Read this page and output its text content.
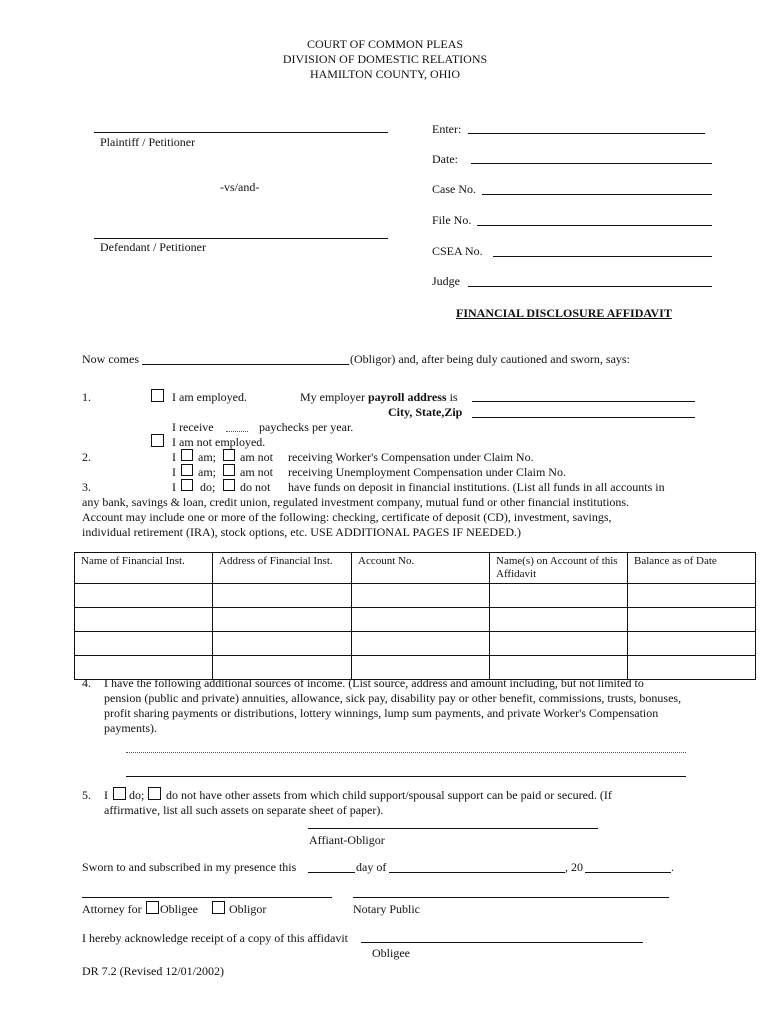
COURT OF COMMON PLEAS
DIVISION OF DOMESTIC RELATIONS
HAMILTON COUNTY, OHIO
Plaintiff / Petitioner
-vs/and-
Defendant / Petitioner
Enter:
Date:
Case No.
File No.
CSEA No.
Judge
FINANCIAL DISCLOSURE AFFIDAVIT
Now comes	(Obligor) and, after being duly cautioned and sworn, says:
1.	I am employed.	My employer payroll address is
City, State,Zip
I receive	paychecks per year.
I am not employed.
2.	I am; am not receiving Worker's Compensation under Claim No.
I am; am not receiving Unemployment Compensation under Claim No.
3.	I do; do not have funds on deposit in financial institutions. (List all funds in all accounts in
any bank, savings & loan, credit union, regulated investment company, mutual fund or other financial institutions.
Account may include one or more of the following: checking, certificate of deposit (CD), investment, savings,
individual retirement (IRA), stock options, etc. USE ADDITIONAL PAGES IF NEEDED.)
Name of Financial Inst.	Address of Financial Inst.	Account No.	Name(s) on Account of this Affidavit	Balance as of Date

4. I have the following additional sources of income. (List source, address and amount including, but not limited to pension (public and private) annuities, allowance, sick pay, disability pay or other benefit, commissions, trusts, bonuses, profit sharing payments or distributions, lottery winnings, lump sum payments, and private Worker's Compensation payments).
5. I do; do not have other assets from which child support/spousal support can be paid or secured. (If
affirmative, list all such assets on separate sheet of paper).
Affiant-Obligor
Sworn to and subscribed in my presence this	day of	, 20	.
Attorney for Obligee	Obligor	Notary Public
I hereby acknowledge receipt of a copy of this affidavit
Obligee
DR 7.2 (Revised 12/01/2002)
